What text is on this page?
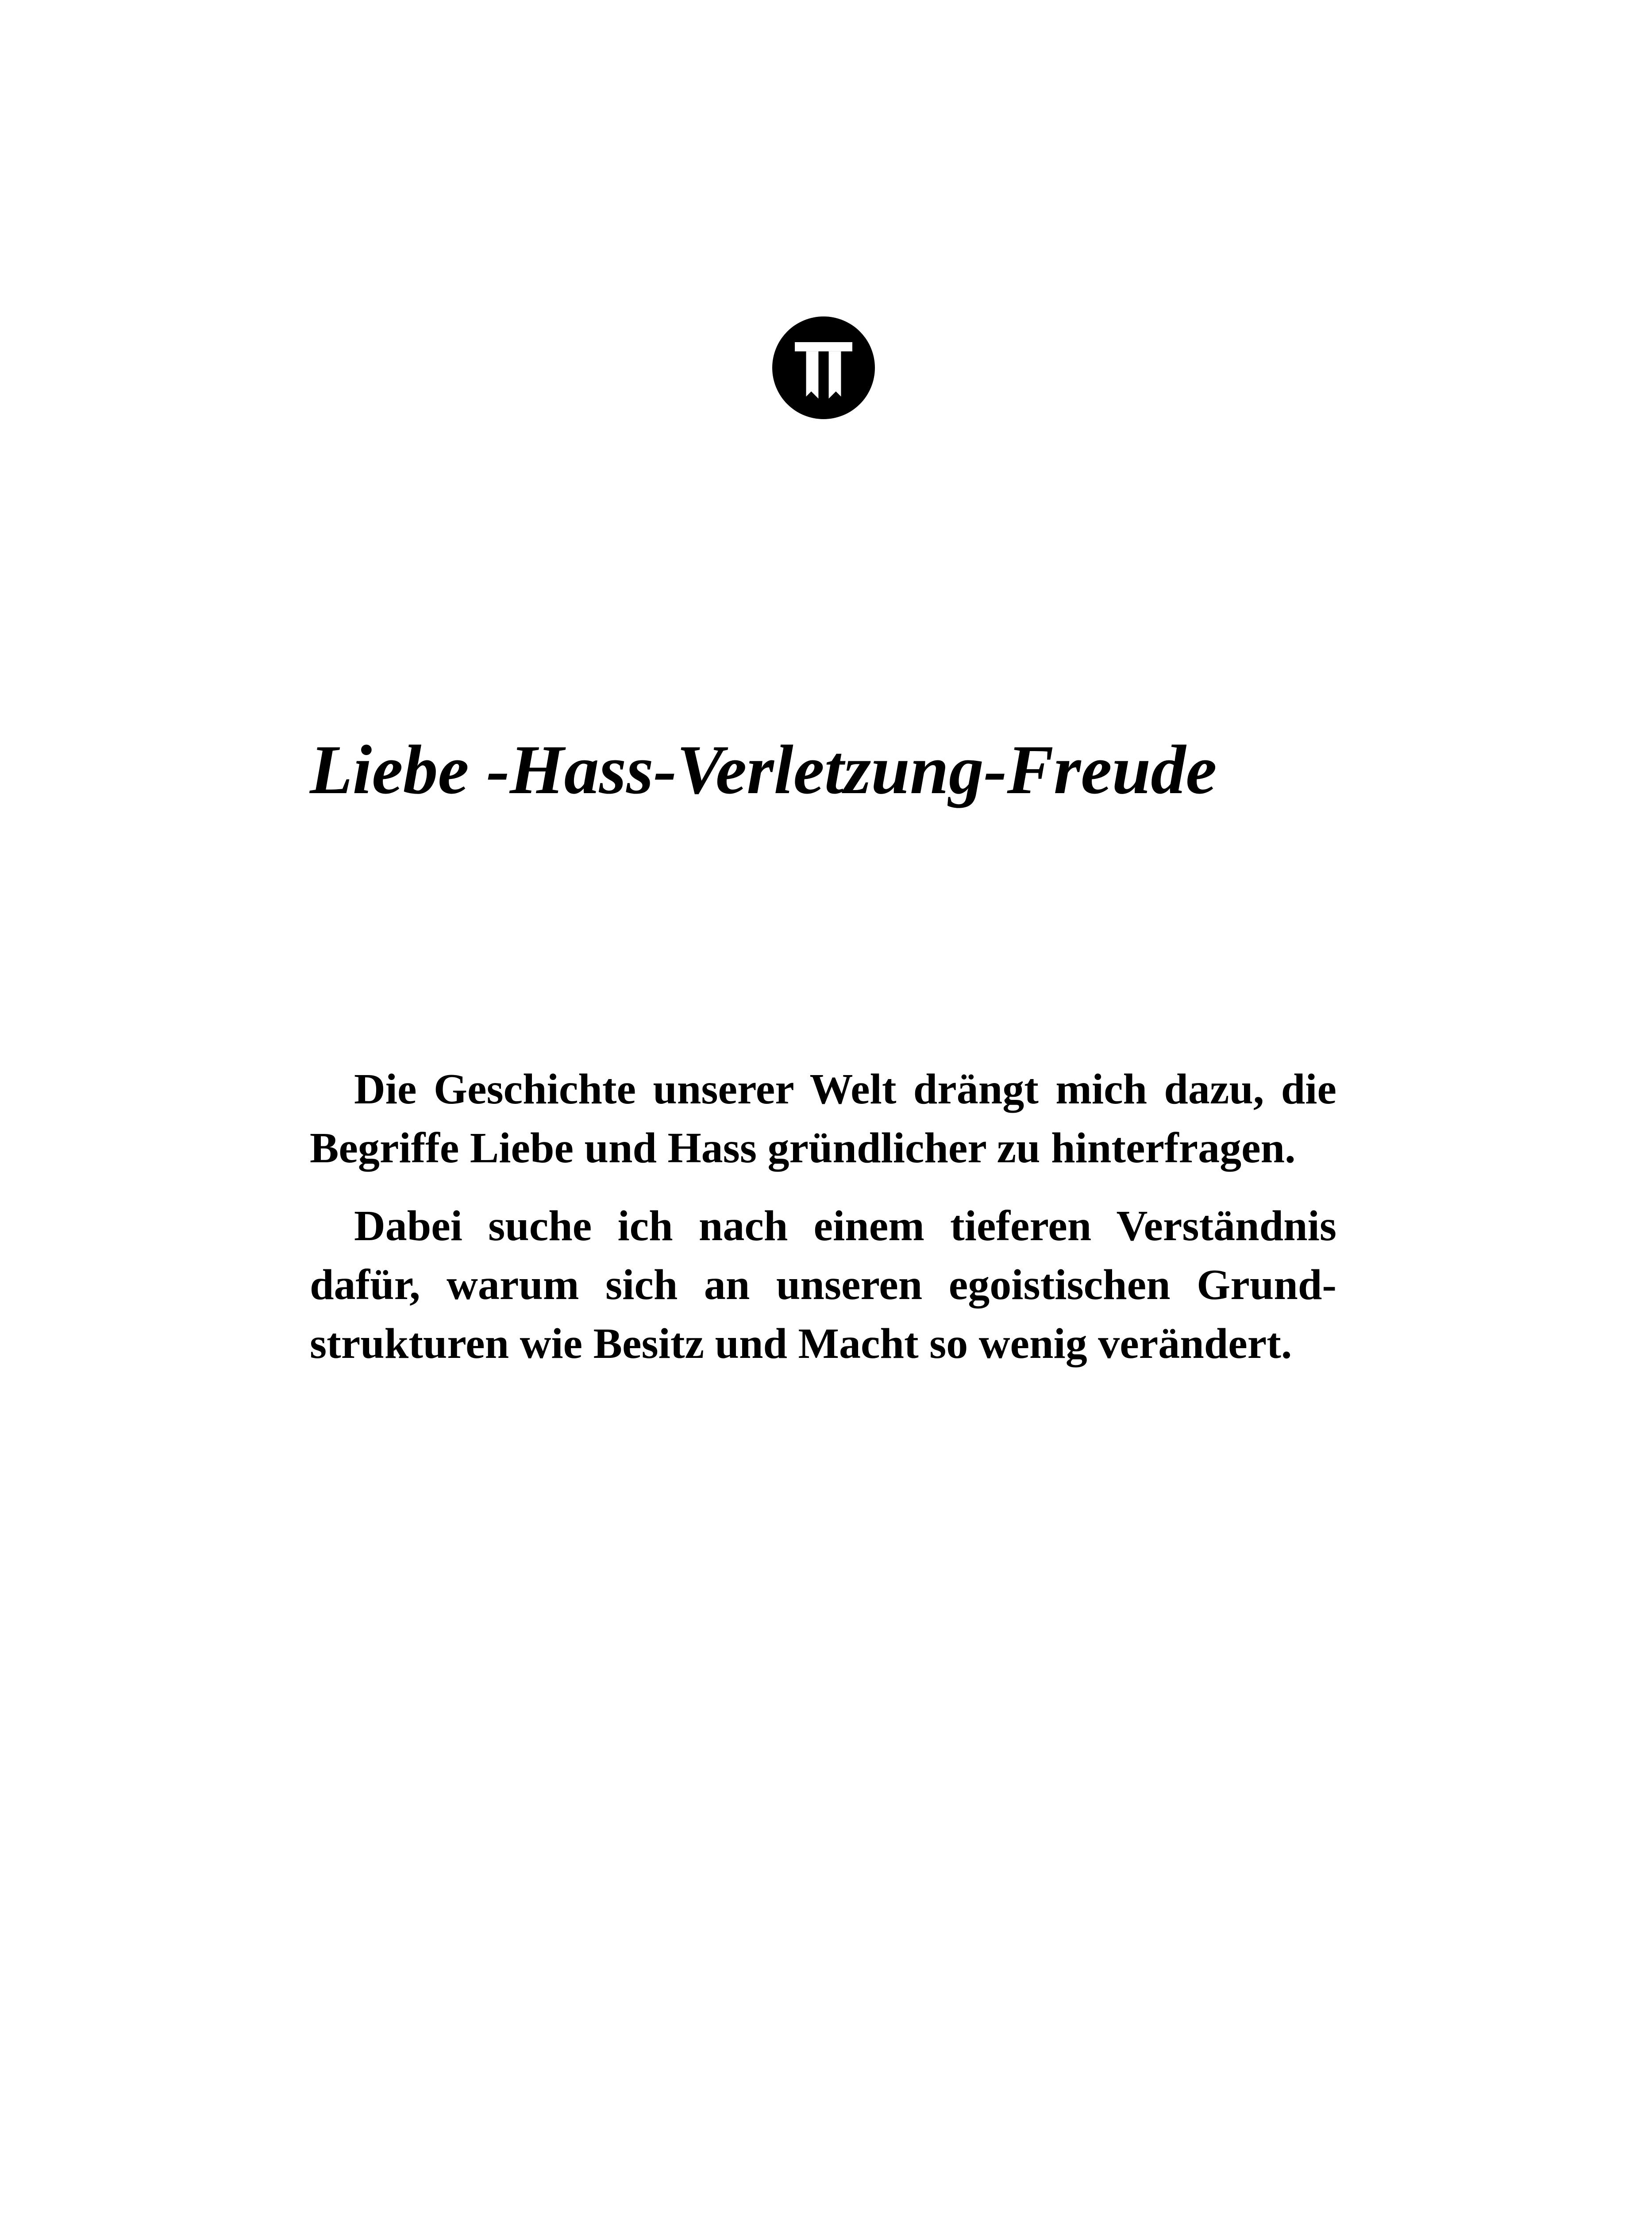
Liebe -Hass-Verletzung-Freude

Die Geschichte unserer Welt drängt mich dazu, die Begriffe Liebe und Hass gründlicher zu hinterfragen.

Dabei suche ich nach einem tieferen Verständnis dafür, warum sich an unseren egoistischen Grundstrukturen wie Besitz und Macht so wenig verändert.
